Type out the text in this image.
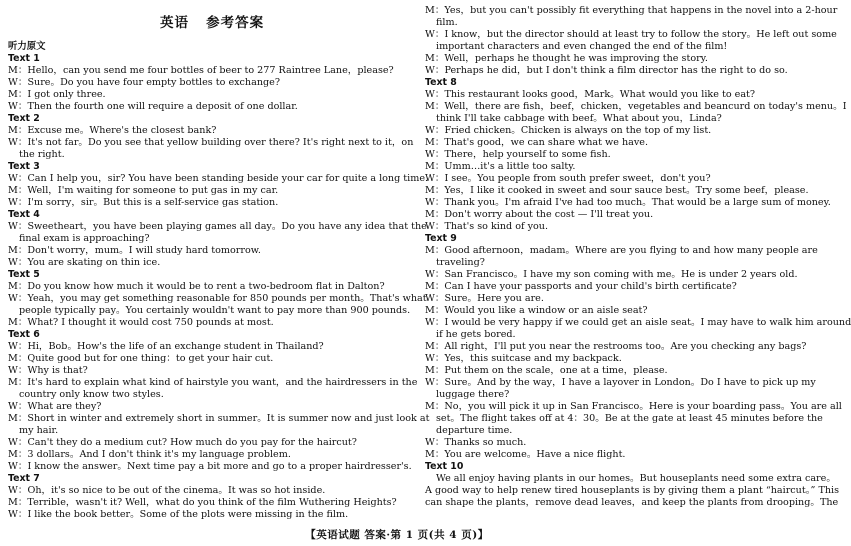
英语   参考答案
听力原文
Text 1
M：Hello，can you send me four bottles of beer to 277 Raintree Lane，please?
W：Sure。Do you have four empty bottles to exchange?
M：I got only three.
W：Then the fourth one will require a deposit of one dollar.
Text 2
M：Excuse me。Where's the closest bank?
W：It's not far。Do you see that yellow building over there? It's right next to it，on
the right.
Text 3
W：Can I help you，sir? You have been standing beside your car for quite a long time.
M：Well，I'm waiting for someone to put gas in my car.
W：I'm sorry，sir。But this is a self-service gas station.
Text 4
W：Sweetheart，you have been playing games all day。Do you have any idea that the
final exam is approaching?
M：Don't worry，mum。I will study hard tomorrow.
W：You are skating on thin ice.
Text 5
M：Do you know how much it would be to rent a two-bedroom flat in Dalton?
W：Yeah，you may get something reasonable for 850 pounds per month。That's what
people typically pay。You certainly wouldn't want to pay more than 900 pounds.
M：What? I thought it would cost 750 pounds at most.
Text 6
W：Hi，Bob。How's the life of an exchange student in Thailand?
M：Quite good but for one thing：to get your hair cut.
W：Why is that?
M：It's hard to explain what kind of hairstyle you want，and the hairdressers in the
country only know two styles.
W：What are they?
M：Short in winter and extremely short in summer。It is summer now and just look at
my hair.
W：Can't they do a medium cut? How much do you pay for the haircut?
M：3 dollars。And I don't think it's my language problem.
W：I know the answer。Next time pay a bit more and go to a proper hairdresser's.
Text 7
W：Oh，it's so nice to be out of the cinema。It was so hot inside.
M：Terrible，wasn't it? Well，what do you think of the film Wuthering Heights?
W：I like the book better。Some of the plots were missing in the film.
M：Yes，but you can't possibly fit everything that happens in the novel into a 2-hour
film.
W：I know，but the director should at least try to follow the story。He left out some
important characters and even changed the end of the film!
M：Well，perhaps he thought he was improving the story.
W：Perhaps he did，but I don't think a film director has the right to do so.
Text 8
W：This restaurant looks good，Mark。What would you like to eat?
M：Well，there are fish，beef，chicken，vegetables and beancurd on today's menu。I
think I'll take cabbage with beef。What about you，Linda?
W：Fried chicken。Chicken is always on the top of my list.
M：That's good，we can share what we have.
W：There，help yourself to some fish.
M：Umm…it's a little too salty.
W：I see。You people from south prefer sweet，don't you?
M：Yes，I like it cooked in sweet and sour sauce best。Try some beef，please.
W：Thank you。I'm afraid I've had too much。That would be a large sum of money.
M：Don't worry about the cost — I'll treat you.
W：That's so kind of you.
Text 9
M：Good afternoon，madam。Where are you flying to and how many people are
traveling?
W：San Francisco。I have my son coming with me。He is under 2 years old.
M：Can I have your passports and your child's birth certificate?
W：Sure。Here you are.
M：Would you like a window or an aisle seat?
W：I would be very happy if we could get an aisle seat。I may have to walk him around
if he gets bored.
M：All right，I'll put you near the restrooms too。Are you checking any bags?
W：Yes，this suitcase and my backpack.
M：Put them on the scale，one at a time，please.
W：Sure。And by the way，I have a layover in London。Do I have to pick up my
luggage there?
M：No，you will pick it up in San Francisco。Here is your boarding pass。You are all
set。The flight takes off at 4：30。Be at the gate at least 45 minutes before the
departure time.
W：Thanks so much.
M：You are welcome。Have a nice flight.
Text 10
We all enjoy having plants in our homes。But houseplants need some extra care。
A good way to help renew tired houseplants is by giving them a plant “haircut。” This
can shape the plants，remove dead leaves，and keep the plants from drooping。The
【英语试题 答案·第 1 页(共 4 页)】
